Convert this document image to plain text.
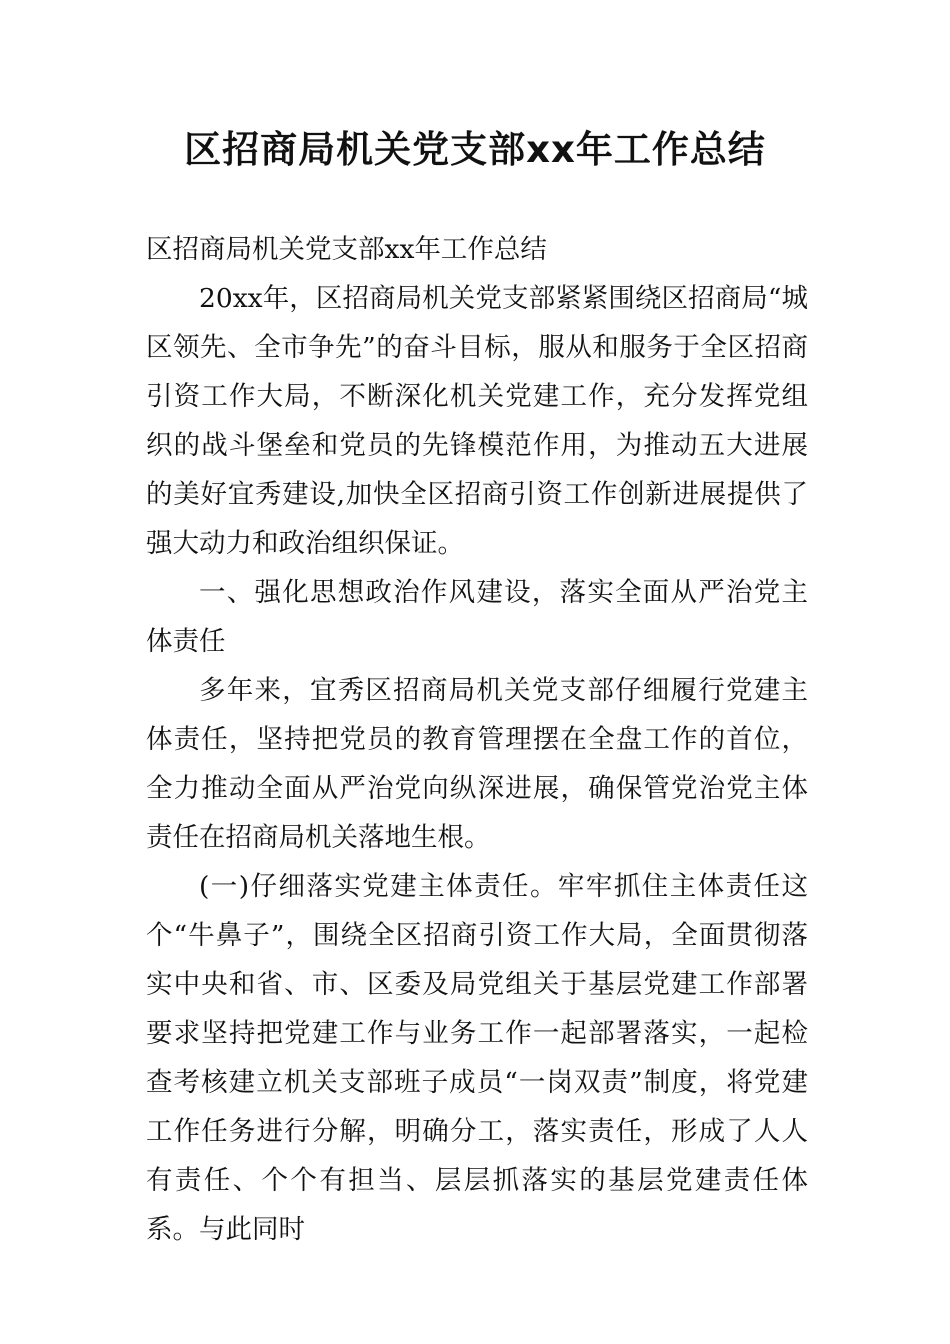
区招商局机关党支部xx年工作总结

区招商局机关党支部xx年工作总结

20xx年，区招商局机关党支部紧紧围绕区招商局“城区领先、全市争先”的奋斗目标，服从和服务于全区招商引资工作大局，不断深化机关党建工作，充分发挥党组织的战斗堡垒和党员的先锋模范作用，为推动五大进展的美好宜秀建设,加快全区招商引资工作创新进展提供了强大动力和政治组织保证。

一、强化思想政治作风建设，落实全面从严治党主体责任

多年来，宜秀区招商局机关党支部仔细履行党建主体责任，坚持把党员的教育管理摆在全盘工作的首位，全力推动全面从严治党向纵深进展，确保管党治党主体责任在招商局机关落地生根。

(一)仔细落实党建主体责任。牢牢抓住主体责任这个“牛鼻子”，围绕全区招商引资工作大局，全面贯彻落实中央和省、市、区委及局党组关于基层党建工作部署要求坚持把党建工作与业务工作一起部署落实，一起检查考核建立机关支部班子成员“一岗双责”制度，将党建工作任务进行分解，明确分工，落实责任，形成了人人有责任、个个有担当、层层抓落实的基层党建责任体系。与此同时
